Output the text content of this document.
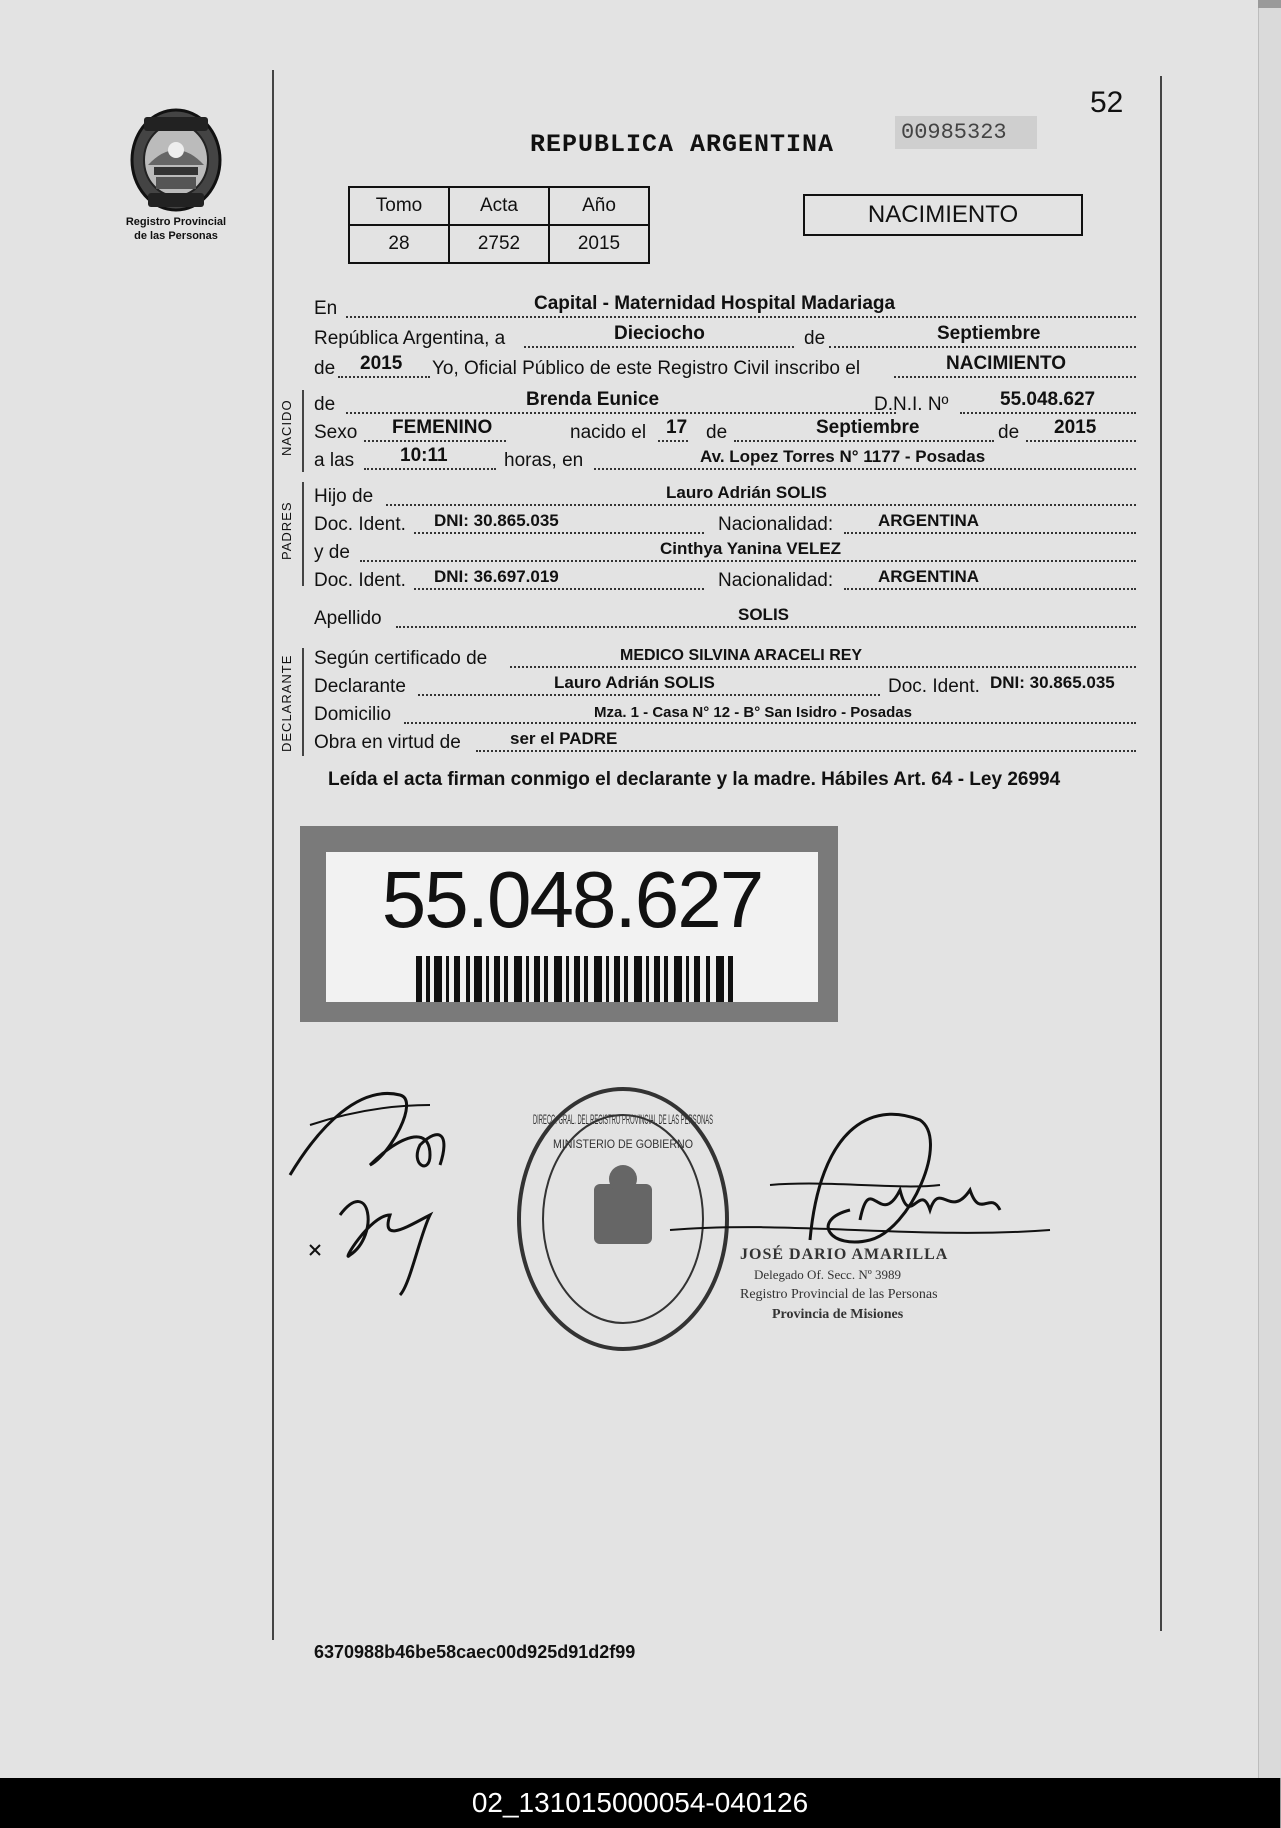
Registro Provincial
de las Personas
52
REPUBLICA ARGENTINA	00985323
Tomo	Acta	Año
28	2752	2015
NACIMIENTO
En	Capital - Maternidad Hospital Madariaga
República Argentina, a	Dieciocho	de	Septiembre
de 2015 Yo, Oficial Público de este Registro Civil inscribo el	NACIMIENTO
NACIDO de	Brenda Eunice	D.N.I. Nº	55.048.627
Sexo FEMENINO	nacido el 17 de	Septiembre	de 2015
a las 10:11	horas, en	Av. Lopez Torres N° 1177 - Posadas
PADRES
Hijo de	Lauro Adrián SOLIS
Doc. Ident. DNI: 30.865.035	Nacionalidad:	ARGENTINA
y de	Cinthya Yanina VELEZ
Doc. Ident. DNI: 36.697.019	Nacionalidad:	ARGENTINA
Apellido	SOLIS
DECLARANTE Según certificado de	MEDICO SILVINA ARACELI REY
Declarante	Lauro Adrián SOLIS	Doc. Ident. DNI: 30.865.035
Domicilio	Mza. 1 - Casa N° 12 - B° San Isidro - Posadas
Obra en virtud de	ser el PADRE
Leída el acta firman conmigo el declarante y la madre. Hábiles Art. 64 - Ley 26994
55.048.627
DIRECC. GRAL. DEL REGISTRO PROVINCIAL DE LAS PERSONAS
MINISTERIO DE GOBIERNO
JOSÉ DARIO AMARILLA
Delegado Of. Secc. Nº 3989
Registro Provincial de las Personas
Provincia de Misiones
6370988b46be58caec00d925d91d2f99
02_131015000054-040126
